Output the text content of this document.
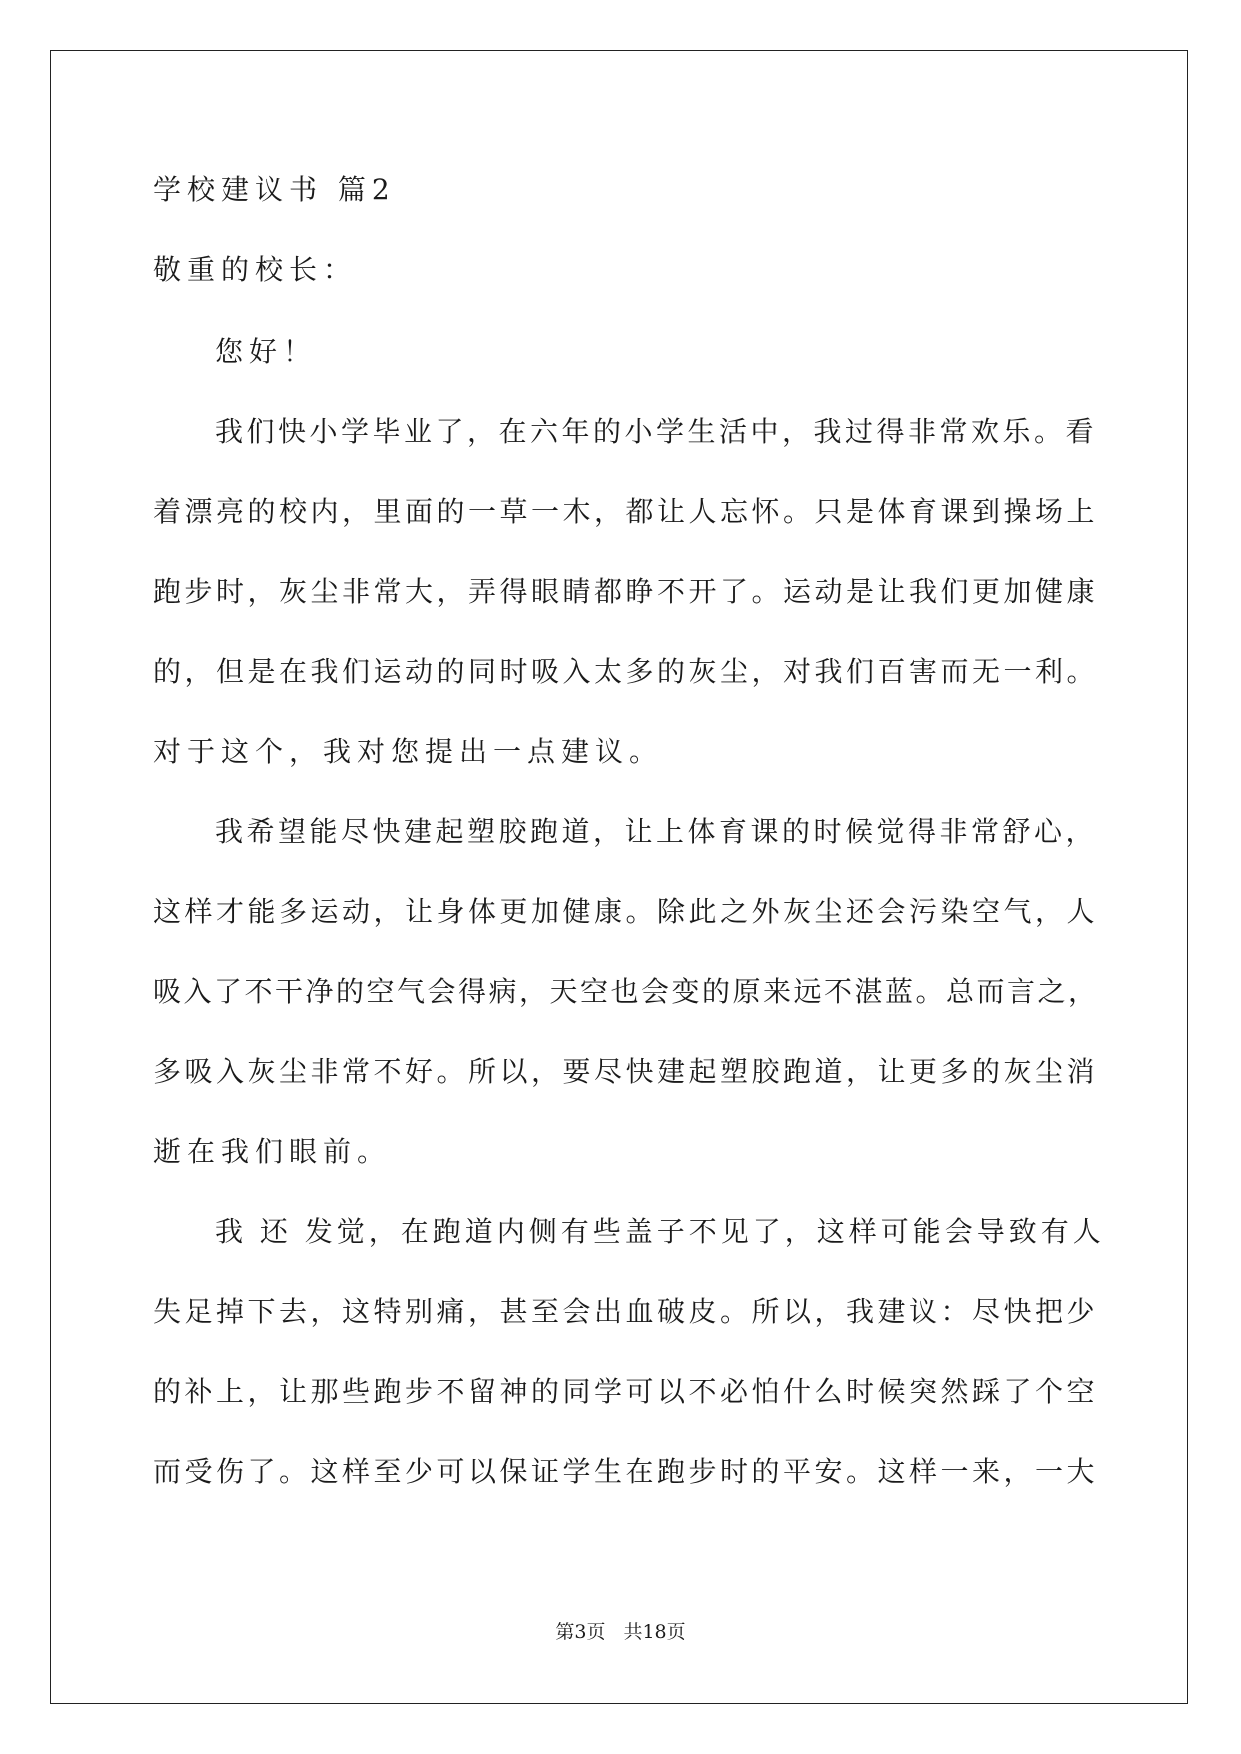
学校建议书 篇2
敬重的校长：
您好！
我们快小学毕业了，在六年的小学生活中，我过得非常欢乐。看
着漂亮的校内，里面的一草一木，都让人忘怀。只是体育课到操场上
跑步时，灰尘非常大，弄得眼睛都睁不开了。运动是让我们更加健康
的，但是在我们运动的同时吸入太多的灰尘，对我们百害而无一利。
对于这个，我对您提出一点建议。
我希望能尽快建起塑胶跑道，让上体育课的时候觉得非常舒心，
这样才能多运动，让身体更加健康。除此之外灰尘还会污染空气，人
吸入了不干净的空气会得病，天空也会变的原来远不湛蓝。总而言之，
多吸入灰尘非常不好。所以，要尽快建起塑胶跑道，让更多的灰尘消
逝在我们眼前。
我 还 发觉，在跑道内侧有些盖子不见了，这样可能会导致有人
失足掉下去，这特别痛，甚至会出血破皮。所以，我建议：尽快把少
的补上，让那些跑步不留神的同学可以不必怕什么时候突然踩了个空
而受伤了。这样至少可以保证学生在跑步时的平安。这样一来，一大
第3页 共18页
